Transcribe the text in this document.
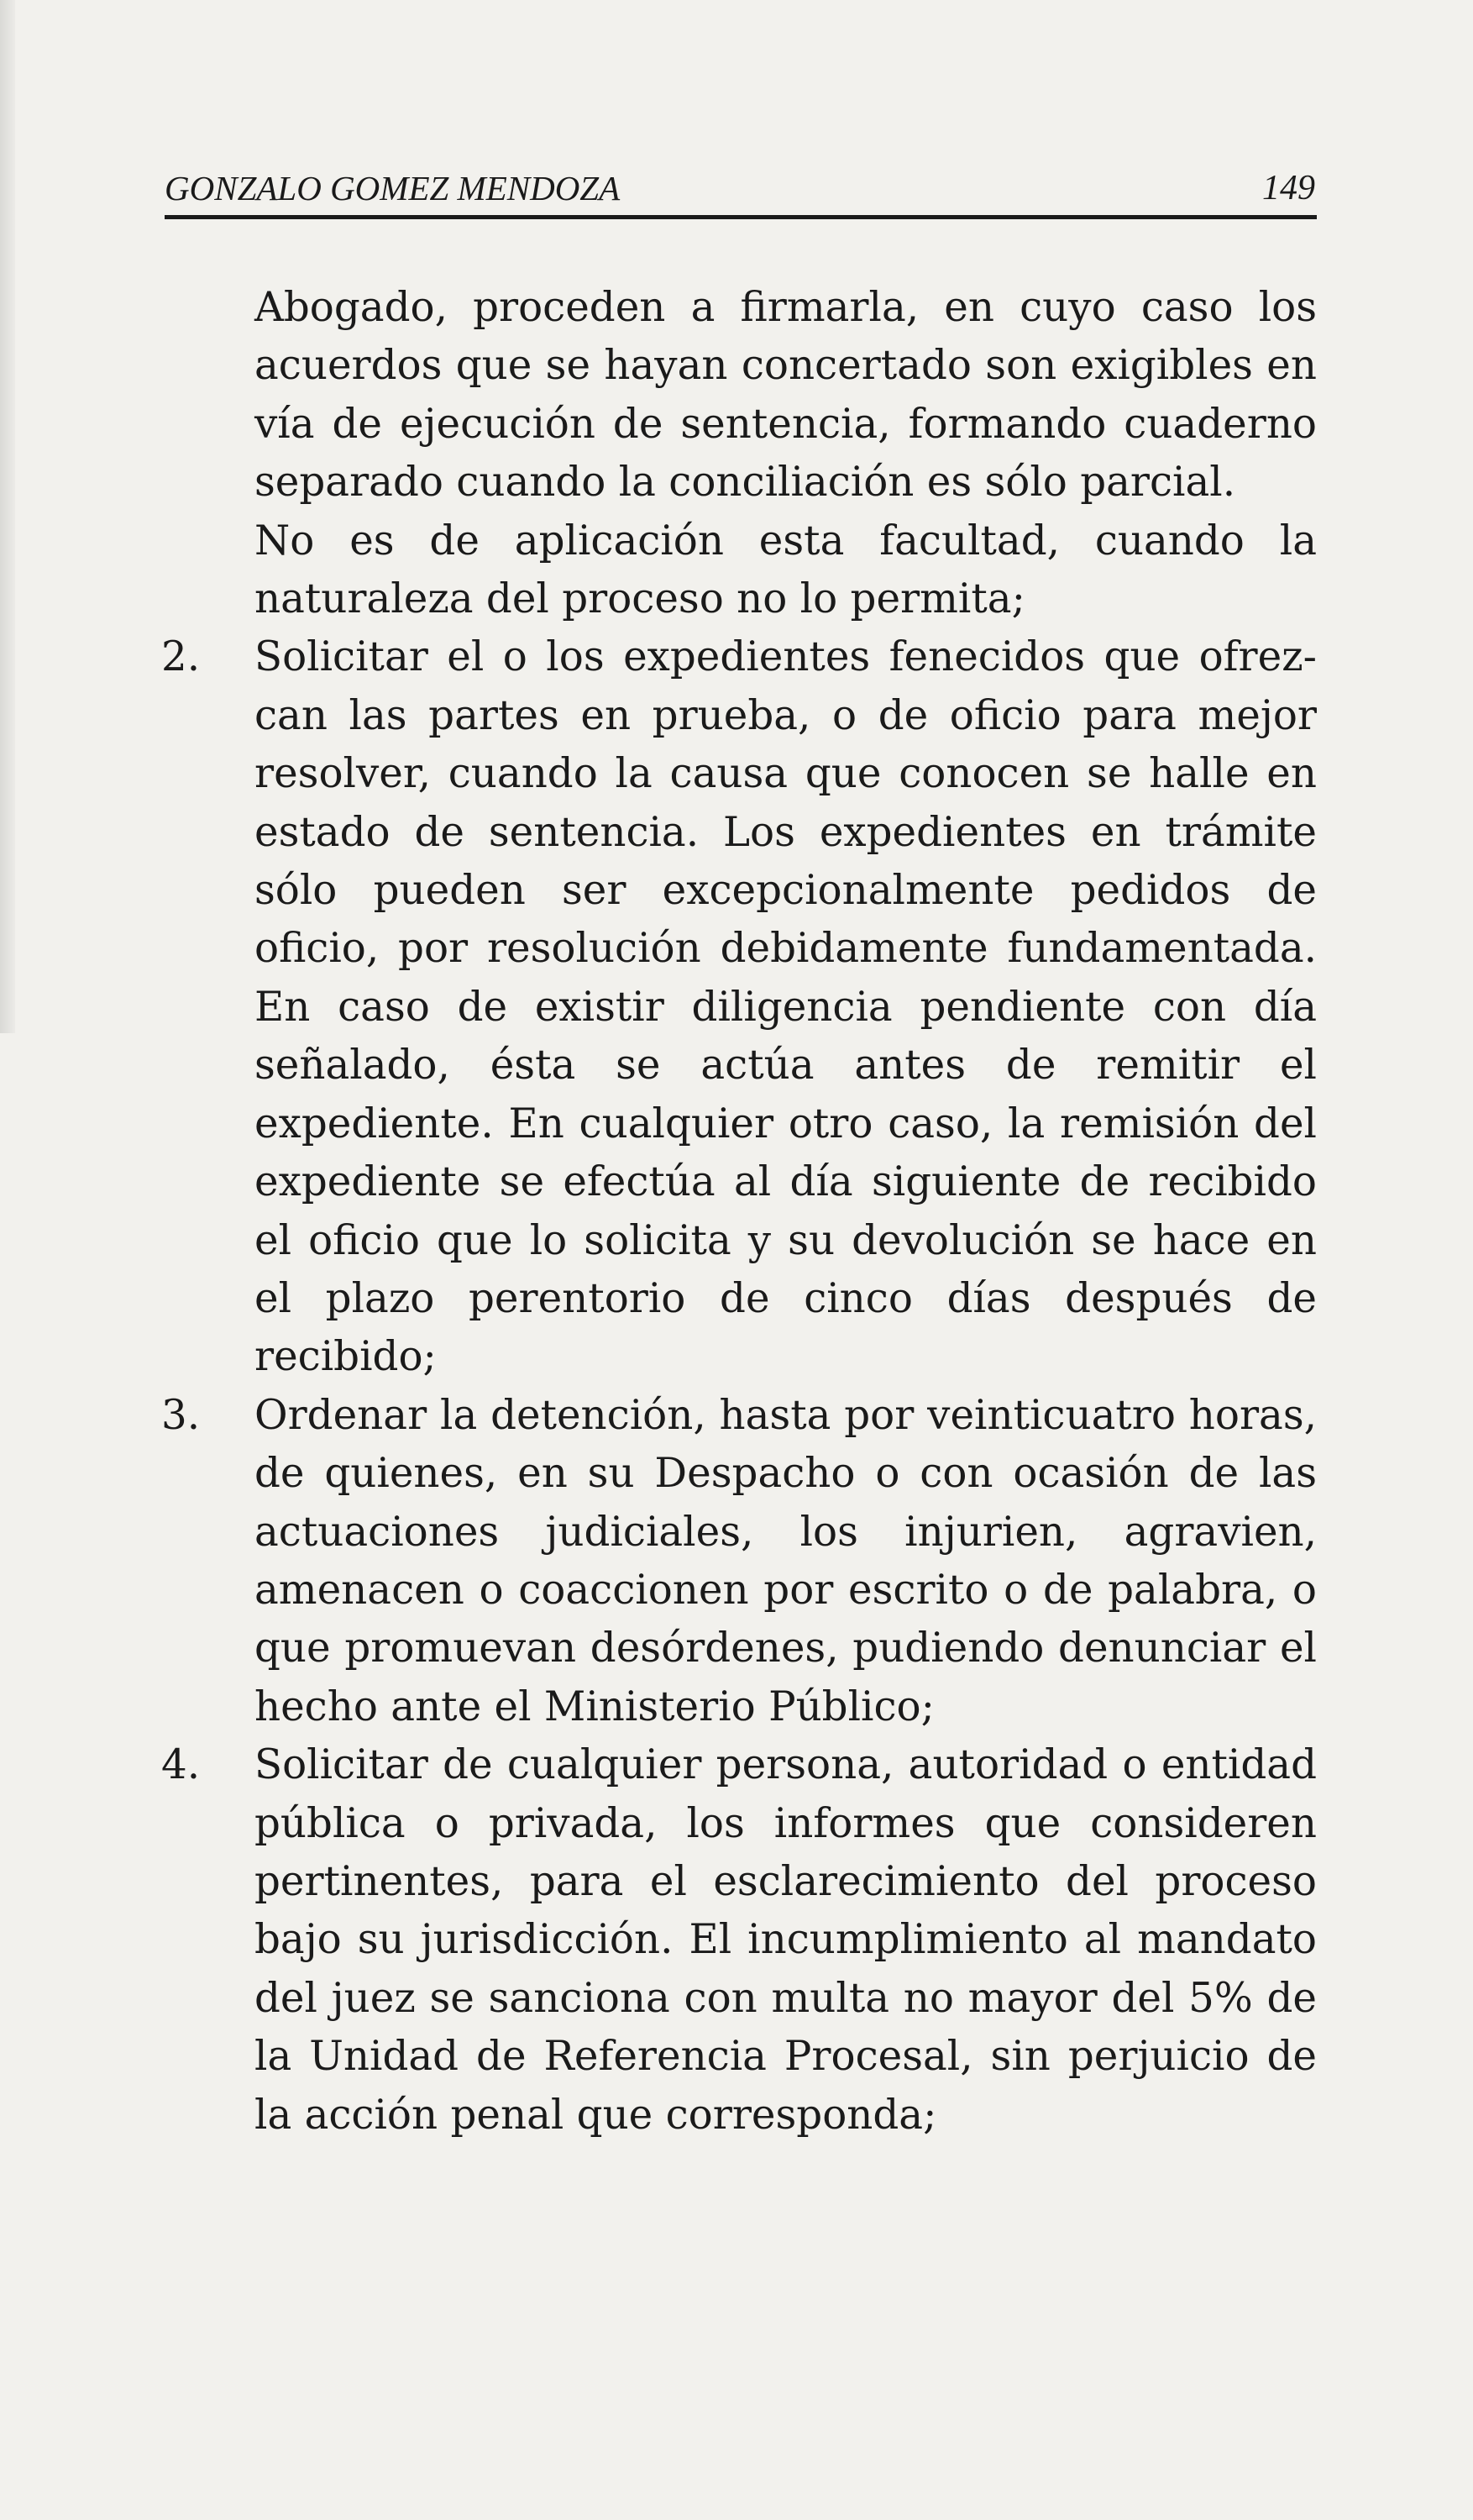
GONZALO GOMEZ MENDOZA	149
Abogado, proceden a firmarla, en cuyo caso los acuerdos que se hayan concertado son exigibles en vía de ejecución de sentencia, formando cuaderno separado cuando la conciliación es sólo parcial.
No es de aplicación esta facultad, cuando la naturaleza del proceso no lo permita;
2.	Solicitar el o los expedientes fenecidos que ofrezcan las partes en prueba, o de oficio para mejor resolver, cuando la causa que conocen se halle en estado de sentencia. Los expedientes en trámite sólo pueden ser excepcionalmente pedidos de oficio, por resolución debidamente fundamentada. En caso de existir diligencia pendiente con día señalado, ésta se actúa antes de remitir el expediente. En cualquier otro caso, la remisión del expediente se efectúa al día siguiente de recibido el oficio que lo solicita y su devolución se hace en el plazo perentorio de cinco días después de recibido;
3.	Ordenar la detención, hasta por veinticuatro horas, de quienes, en su Despacho o con ocasión de las actuaciones judiciales, los injurien, agravien, amenacen o coaccionen por escrito o de palabra, o que promuevan desórdenes, pudiendo denunciar el hecho ante el Ministerio Público;
4.	Solicitar de cualquier persona, autoridad o entidad pública o privada, los informes que consideren pertinentes, para el esclarecimiento del proceso bajo su jurisdicción. El incumplimiento al mandato del juez se sanciona con multa no mayor del 5% de la Unidad de Referencia Procesal, sin perjuicio de la acción penal que corresponda;
